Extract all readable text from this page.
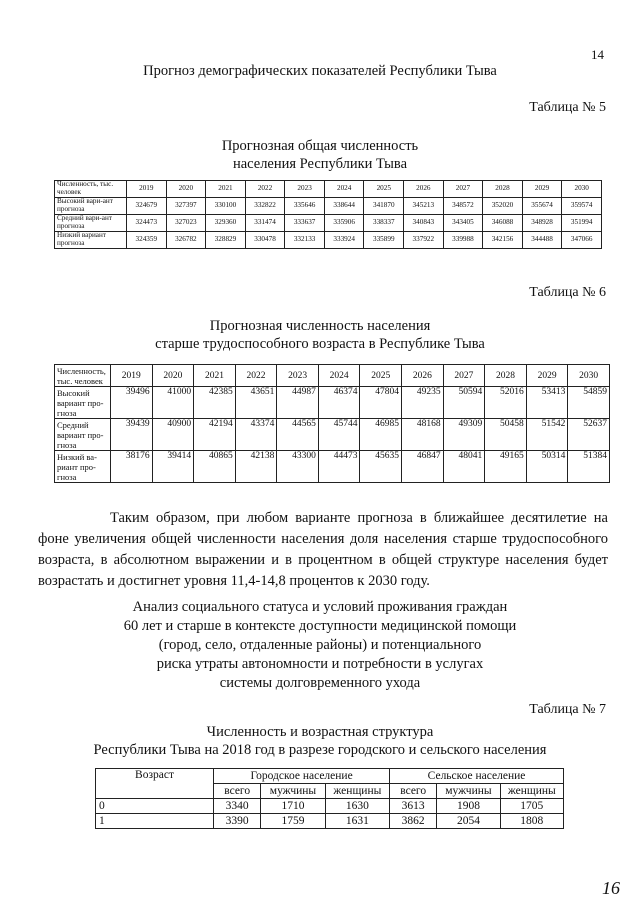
14
Прогноз демографических показателей Республики Тыва
Таблица № 5
Прогнозная общая численность
населения Республики Тыва
Численность, тыс. человек	2019	2020	2021	2022	2023	2024	2025	2026	2027	2028	2029	2030
Высокий вари-ант прогноза	324679	327397	330100	332822	335646	338644	341870	345213	348572	352020	355674	359574
Средний вари-ант прогноза	324473	327023	329360	331474	333637	335906	338337	340843	343405	346088	348928	351994
Низкий вариант прогноза	324359	326782	328829	330478	332133	333924	335899	337922	339988	342156	344488	347066
Таблица № 6
Прогнозная численность населения
старше трудоспособного возраста в Республике Тыва
Численность, тыс. человек	2019	2020	2021	2022	2023	2024	2025	2026	2027	2028	2029	2030
Высокий вариант про-гноза	39496	41000	42385	43651	44987	46374	47804	49235	50594	52016	53413	54859
Средний вариант про-гноза	39439	40900	42194	43374	44565	45744	46985	48168	49309	50458	51542	52637
Низкий ва-риант про-гноза	38176	39414	40865	42138	43300	44473	45635	46847	48041	49165	50314	51384
Таким образом, при любом варианте прогноза в ближайшее десятилетие на фоне увеличения общей численности населения доля населения старше трудоспособного возраста, в абсолютном выражении и в процентном в общей структуре населения будет возрастать и достигнет уровня 11,4-14,8 процентов к 2030 году.
Анализ социального статуса и условий проживания граждан
60 лет и старше в контексте доступности медицинской помощи
(город, село, отдаленные районы) и потенциального
риска утраты автономности и потребности в услугах
системы долговременного ухода
Таблица № 7
Численность и возрастная структура
Республики Тыва на 2018 год в разрезе городского и сельского населения
Возраст	Городское население			Сельское население		
	всего	мужчины	женщины	всего	мужчины	женщины
0	3340	1710	1630	3613	1908	1705
1	3390	1759	1631	3862	2054	1808
16
